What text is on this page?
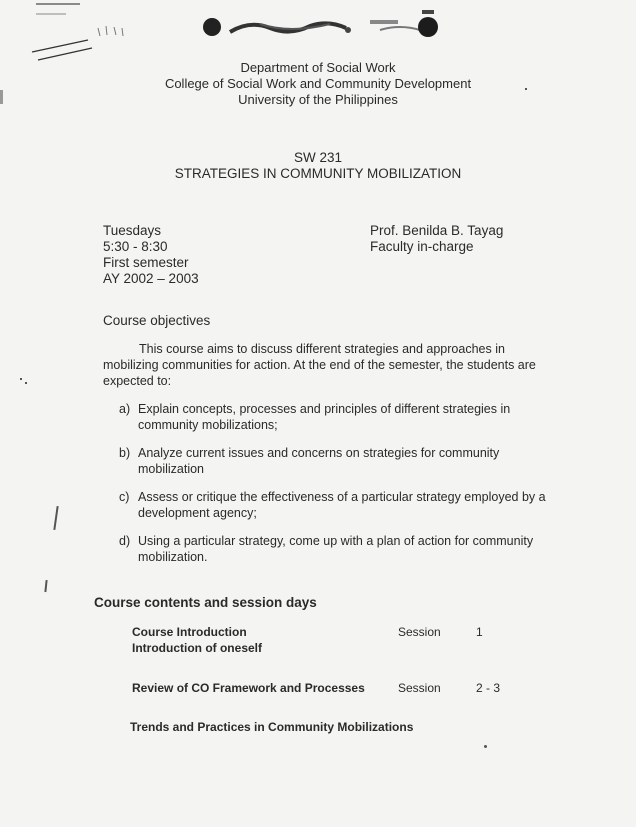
Department of Social Work
College of Social Work and Community Development
University of the Philippines
SW 231
STRATEGIES IN COMMUNITY MOBILIZATION
Tuesdays
5:30 - 8:30
First semester
AY 2002 – 2003
Prof. Benilda B. Tayag
Faculty in-charge
Course objectives
This course aims to discuss different strategies and approaches in mobilizing communities for action. At the end of the semester, the students are expected to:
a) Explain concepts, processes and principles of different strategies in community mobilizations;
b) Analyze current issues and concerns on strategies for community mobilization
c) Assess or critique the effectiveness of a particular strategy employed by a development agency;
d) Using a particular strategy, come up with a plan of action for community mobilization.
Course contents and session days
Course Introduction
Introduction of oneself
Session	1
Review of CO Framework and Processes	Session	2 - 3
Trends and Practices in Community Mobilizations
